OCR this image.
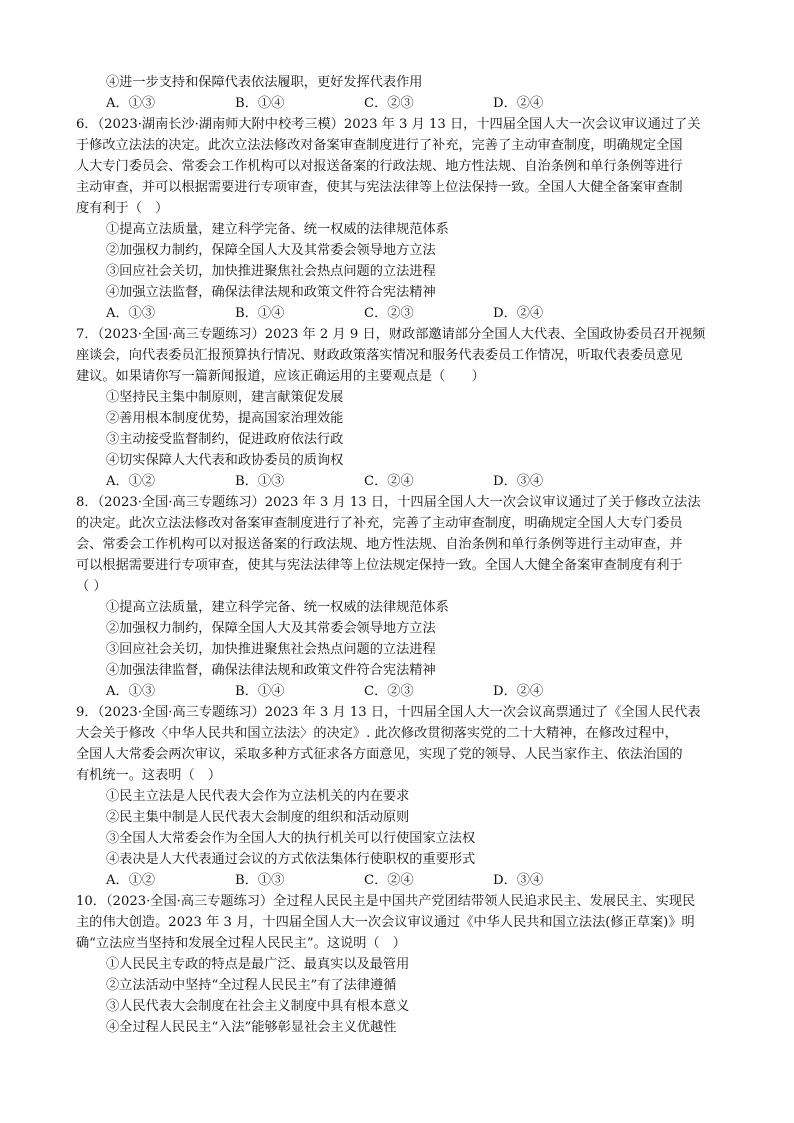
④进一步支持和保障代表依法履职，更好发挥代表作用
A．①③	B．①④	C．②③	D．②④
6．（2023·湖南长沙·湖南师大附中校考三模）2023 年 3 月 13 日，十四届全国人大一次会议审议通过了关
于修改立法法的决定。此次立法法修改对备案审查制度进行了补充，完善了主动审查制度，明确规定全国
人大专门委员会、常委会工作机构可以对报送备案的行政法规、地方性法规、自治条例和单行条例等进行
主动审查，并可以根据需要进行专项审查，使其与宪法法律等上位法保持一致。全国人大健全备案审查制
度有利于（　）
①提高立法质量，建立科学完备、统一权威的法律规范体系
②加强权力制约，保障全国人大及其常委会领导地方立法
③回应社会关切，加快推进聚焦社会热点问题的立法进程
④加强立法监督，确保法律法规和政策文件符合宪法精神
A．①③	B．①④	C．②③	D．②④
7．（2023·全国·高三专题练习）2023 年 2 月 9 日，财政部邀请部分全国人大代表、全国政协委员召开视频
座谈会，向代表委员汇报预算执行情况、财政政策落实情况和服务代表委员工作情况，听取代表委员意见
建议。如果请你写一篇新闻报道，应该正确运用的主要观点是（　　）
①坚持民主集中制原则，建言献策促发展
②善用根本制度优势，提高国家治理效能
③主动接受监督制约，促进政府依法行政
④切实保障人大代表和政协委员的质询权
A．①②	B．①③	C．②④	D．③④
8．（2023·全国·高三专题练习）2023 年 3 月 13 日，十四届全国人大一次会议审议通过了关于修改立法法
的决定。此次立法法修改对备案审查制度进行了补充，完善了主动审查制度，明确规定全国人大专门委员
会、常委会工作机构可以对报送备案的行政法规、地方性法规、自治条例和单行条例等进行主动审查，并
可以根据需要进行专项审查，使其与宪法法律等上位法规定保持一致。全国人大健全备案审查制度有利于
（ ）
①提高立法质量，建立科学完备、统一权威的法律规范体系
②加强权力制约，保障全国人大及其常委会领导地方立法
③回应社会关切，加快推进聚焦社会热点问题的立法进程
④加强法律监督，确保法律法规和政策文件符合宪法精神
A．①③	B．①④	C．②③	D．②④
9．（2023·全国·高三专题练习）2023 年 3 月 13 日，十四届全国人大一次会议高票通过了《全国人民代表
大会关于修改〈中华人民共和国立法法〉的决定》. 此次修改贯彻落实党的二十大精神，在修改过程中，
全国人大常委会两次审议，采取多种方式征求各方面意见，实现了党的领导、人民当家作主、依法治国的
有机统一。这表明（　）
①民主立法是人民代表大会作为立法机关的内在要求
②民主集中制是人民代表大会制度的组织和活动原则
③全国人大常委会作为全国人大的执行机关可以行使国家立法权
④表决是人大代表通过会议的方式依法集体行使职权的重要形式
A．①②	B．①③	C．②④	D．③④
10．（2023·全国·高三专题练习）全过程人民民主是中国共产党团结带领人民追求民主、发展民主、实现民
主的伟大创造。2023 年 3 月，十四届全国人大一次会议审议通过《中华人民共和国立法法(修正草案)》明
确“立法应当坚持和发展全过程人民民主”。这说明（　）
①人民民主专政的特点是最广泛、最真实以及最管用
②立法活动中坚持“全过程人民民主”有了法律遵循
③人民代表大会制度在社会主义制度中具有根本意义
④全过程人民民主“入法”能够彰显社会主义优越性
